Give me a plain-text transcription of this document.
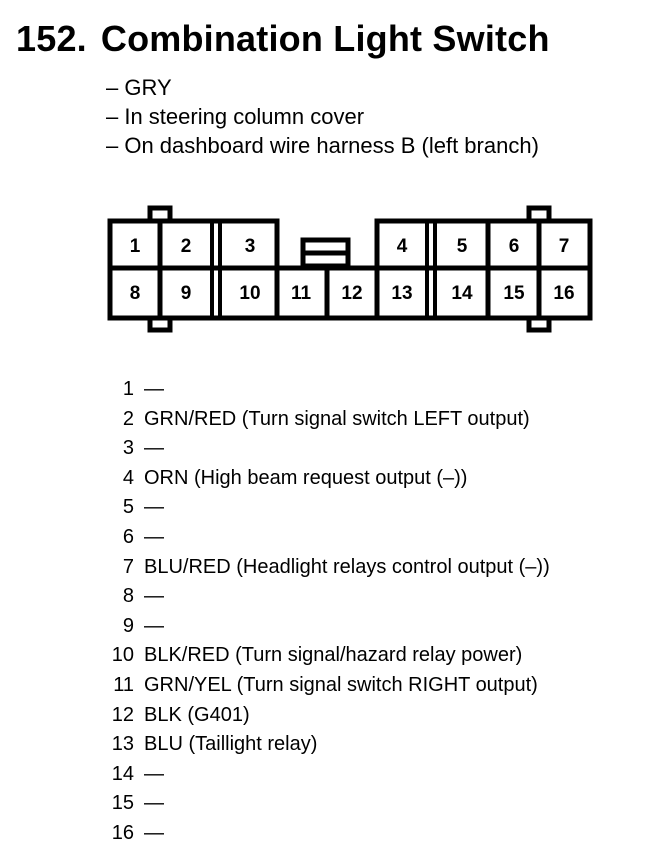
152. Combination Light Switch
– GRY
– In steering column cover
– On dashboard wire harness B (left branch)
1 2	3	4	5 6 7
8 9	10 11 12 13 14 15 16
1 —
2 GRN/RED (Turn signal switch LEFT output)
3 —
4 ORN (High beam request output (–))
5 —
6 —
7 BLU/RED (Headlight relays control output (–))
8 —
9 —
10 BLK/RED (Turn signal/hazard relay power)
11 GRN/YEL (Turn signal switch RIGHT output)
12 BLK (G401)
13 BLU (Taillight relay)
14 —
15 —
16 —
